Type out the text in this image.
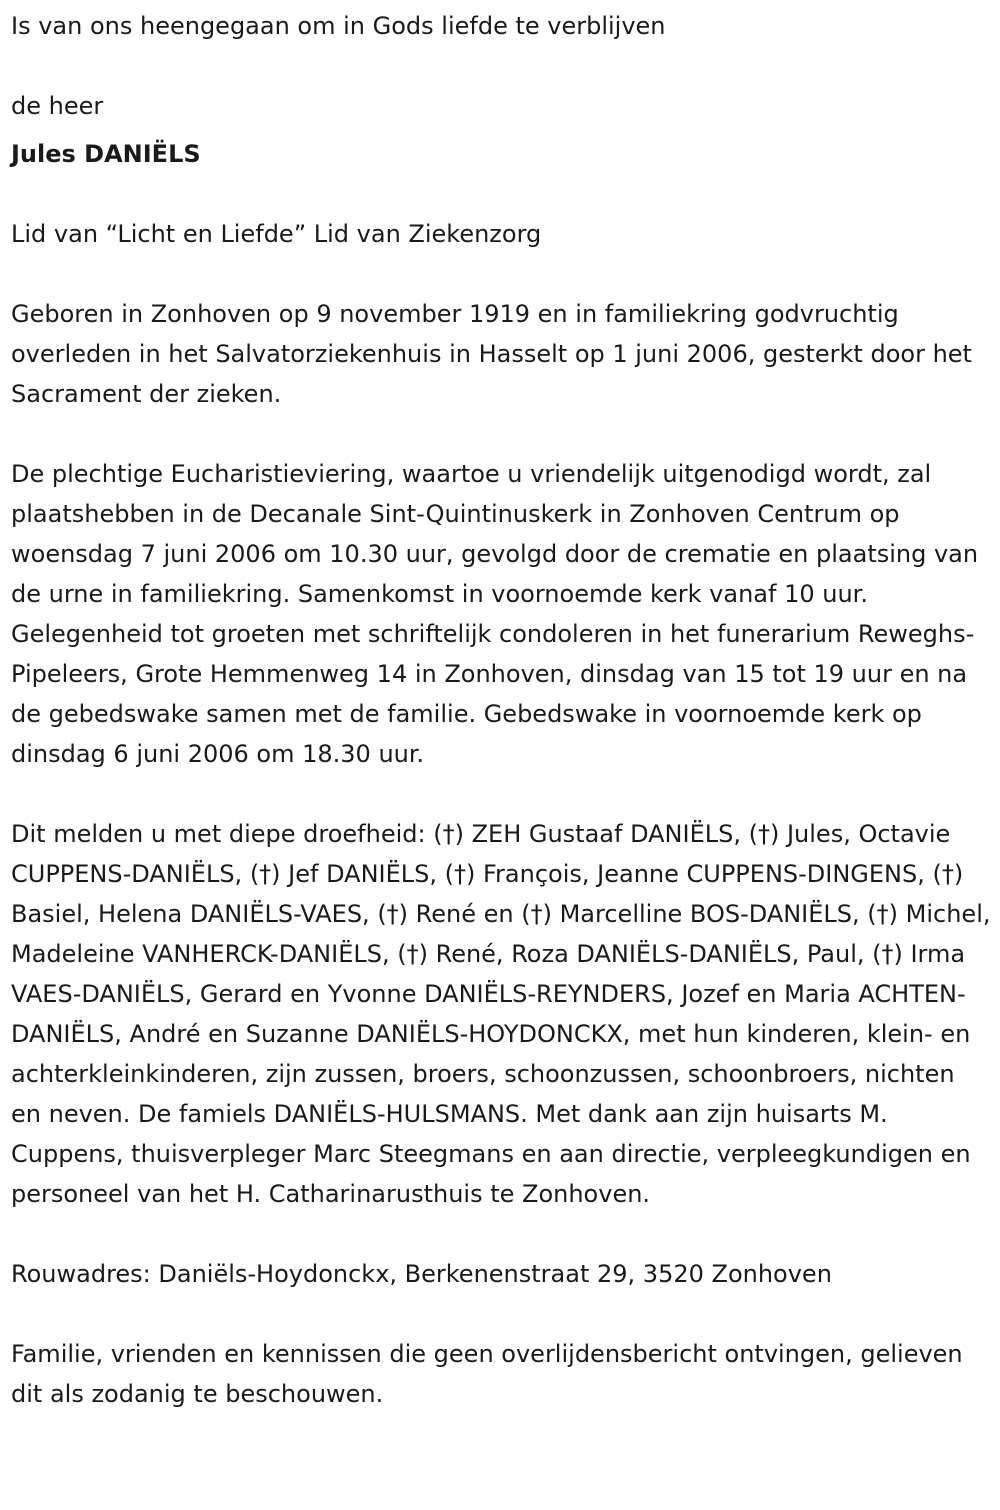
Is van ons heengegaan om in Gods liefde te verblijven

de heer

Jules DANIËLS

Lid van “Licht en Liefde” Lid van Ziekenzorg

Geboren in Zonhoven op 9 november 1919 en in familiekring godvruchtig overleden in het Salvatorziekenhuis in Hasselt op 1 juni 2006, gesterkt door het Sacrament der zieken.

De plechtige Eucharistieviering, waartoe u vriendelijk uitgenodigd wordt, zal plaatshebben in de Decanale Sint-Quintinuskerk in Zonhoven Centrum op woensdag 7 juni 2006 om 10.30 uur, gevolgd door de crematie en plaatsing van de urne in familiekring. Samenkomst in voornoemde kerk vanaf 10 uur. Gelegenheid tot groeten met schriftelijk condoleren in het funerarium Reweghs-Pipeleers, Grote Hemmenweg 14 in Zonhoven, dinsdag van 15 tot 19 uur en na de gebedswake samen met de familie. Gebedswake in voornoemde kerk op dinsdag 6 juni 2006 om 18.30 uur.

Dit melden u met diepe droefheid: (†) ZEH Gustaaf DANIËLS, (†) Jules, Octavie CUPPENS-DANIËLS, (†) Jef DANIËLS, (†) François, Jeanne CUPPENS-DINGENS, (†) Basiel, Helena DANIËLS-VAES, (†) René en (†) Marcelline BOS-DANIËLS, (†) Michel, Madeleine VANHERCK-DANIËLS, (†) René, Roza DANIËLS-DANIËLS, Paul, (†) Irma VAES-DANIËLS, Gerard en Yvonne DANIËLS-REYNDERS, Jozef en Maria ACHTEN-DANIËLS, André en Suzanne DANIËLS-HOYDONCKX, met hun kinderen, klein- en achterkleinkinderen, zijn zussen, broers, schoonzussen, schoonbroers, nichten en neven. De famiels DANIËLS-HULSMANS. Met dank aan zijn huisarts M. Cuppens, thuisverpleger Marc Steegmans en aan directie, verpleegkundigen en personeel van het H. Catharinarusthuis te Zonhoven.

Rouwadres: Daniëls-Hoydonckx, Berkenenstraat 29, 3520 Zonhoven

Familie, vrienden en kennissen die geen overlijdensbericht ontvingen, gelieven dit als zodanig te beschouwen.
